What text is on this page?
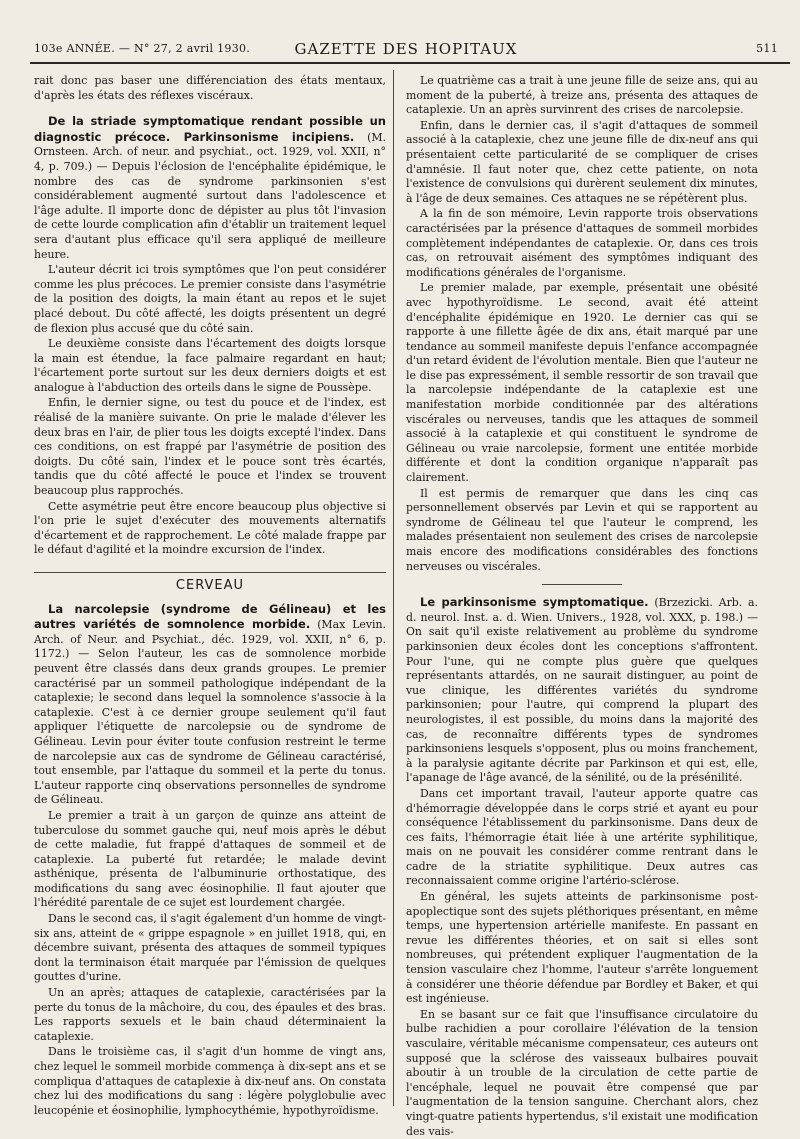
103e ANNÉE. — N° 27, 2 avril 1930.	GAZETTE DES HOPITAUX	511

rait donc pas baser une différenciation des états mentaux, d'après les états des réflexes viscéraux.

De la striade symptomatique rendant possible un diagnostic précoce. Parkinsonisme incipiens. (M. Ornsteen. Arch. of neur. and psychiat., oct. 1929, vol. XXII, n° 4, p. 709.) — Depuis l'éclosion de l'encéphalite épidémique, le nombre des cas de syndrome parkinsonien s'est considérablement augmenté surtout dans l'adolescence et l'âge adulte. Il importe donc de dépister au plus tôt l'invasion de cette lourde complication afin d'établir un traitement lequel sera d'autant plus efficace qu'il sera appliqué de meilleure heure.

L'auteur décrit ici trois symptômes que l'on peut considérer comme les plus précoces. Le premier consiste dans l'asymétrie de la position des doigts, la main étant au repos et le sujet placé debout. Du côté affecté, les doigts présentent un degré de flexion plus accusé que du côté sain.

Le deuxième consiste dans l'écartement des doigts lorsque la main est étendue, la face palmaire regardant en haut; l'écartement porte surtout sur les deux derniers doigts et est analogue à l'abduction des orteils dans le signe de Poussèpe.

Enfin, le dernier signe, ou test du pouce et de l'index, est réalisé de la manière suivante. On prie le malade d'élever les deux bras en l'air, de plier tous les doigts excepté l'index. Dans ces conditions, on est frappé par l'asymétrie de position des doigts. Du côté sain, l'index et le pouce sont très écartés, tandis que du côté affecté le pouce et l'index se trouvent beaucoup plus rapprochés.

Cette asymétrie peut être encore beaucoup plus objective si l'on prie le sujet d'exécuter des mouvements alternatifs d'écartement et de rapprochement. Le côté malade frappe par le défaut d'agilité et la moindre excursion de l'index.

CERVEAU

La narcolepsie (syndrome de Gélineau) et les autres variétés de somnolence morbide. (Max Levin. Arch. of Neur. and Psychiat., déc. 1929, vol. XXII, n° 6, p. 1172.) — Selon l'auteur, les cas de somnolence morbide peuvent être classés dans deux grands groupes. Le premier caractérisé par un sommeil pathologique indépendant de la cataplexie; le second dans lequel la somnolence s'associe à la cataplexie. C'est à ce dernier groupe seulement qu'il faut appliquer l'étiquette de narcolepsie ou de syndrome de Gélineau. Levin pour éviter toute confusion restreint le terme de narcolepsie aux cas de syndrome de Gélineau caractérisé, tout ensemble, par l'attaque du sommeil et la perte du tonus. L'auteur rapporte cinq observations personnelles de syndrome de Gélineau.

Le premier a trait à un garçon de quinze ans atteint de tuberculose du sommet gauche qui, neuf mois après le début de cette maladie, fut frappé d'attaques de sommeil et de cataplexie. La puberté fut retardée; le malade devint asthénique, présenta de l'albuminurie orthostatique, des modifications du sang avec éosinophilie. Il faut ajouter que l'hérédité parentale de ce sujet est lourdement chargée.

Dans le second cas, il s'agit également d'un homme de vingt-six ans, atteint de « grippe espagnole » en juillet 1918, qui, en décembre suivant, présenta des attaques de sommeil typiques dont la terminaison était marquée par l'émission de quelques gouttes d'urine.

Un an après; attaques de cataplexie, caractérisées par la perte du tonus de la mâchoire, du cou, des épaules et des bras. Les rapports sexuels et le bain chaud déterminaient la cataplexie.

Dans le troisième cas, il s'agit d'un homme de vingt ans, chez lequel le sommeil morbide commença à dix-sept ans et se compliqua d'attaques de cataplexie à dix-neuf ans. On constata chez lui des modifications du sang : légère polyglobulie avec leucopénie et éosinophilie, lymphocythémie, hypothyroïdisme.

Le quatrième cas a trait à une jeune fille de seize ans, qui au moment de la puberté, à treize ans, présenta des attaques de cataplexie. Un an après survinrent des crises de narcolepsie.

Enfin, dans le dernier cas, il s'agit d'attaques de sommeil associé à la cataplexie, chez une jeune fille de dix-neuf ans qui présentaient cette particularité de se compliquer de crises d'amnésie. Il faut noter que, chez cette patiente, on nota l'existence de convulsions qui durèrent seulement dix minutes, à l'âge de deux semaines. Ces attaques ne se répétèrent plus.

A la fin de son mémoire, Levin rapporte trois observations caractérisées par la présence d'attaques de sommeil morbides complètement indépendantes de cataplexie. Or, dans ces trois cas, on retrouvait aisément des symptômes indiquant des modifications générales de l'organisme.

Le premier malade, par exemple, présentait une obésité avec hypothyroïdisme. Le second, avait été atteint d'encéphalite épidémique en 1920. Le dernier cas qui se rapporte à une fillette âgée de dix ans, était marqué par une tendance au sommeil manifeste depuis l'enfance accompagnée d'un retard évident de l'évolution mentale. Bien que l'auteur ne le dise pas expressément, il semble ressortir de son travail que la narcolepsie indépendante de la cataplexie est une manifestation morbide conditionnée par des altérations viscérales ou nerveuses, tandis que les attaques de sommeil associé à la cataplexie et qui constituent le syndrome de Gélineau ou vraie narcolepsie, forment une entitée morbide différente et dont la condition organique n'apparaît pas clairement.

Il est permis de remarquer que dans les cinq cas personnellement observés par Levin et qui se rapportent au syndrome de Gélineau tel que l'auteur le comprend, les malades présentaient non seulement des crises de narcolepsie mais encore des modifications considérables des fonctions nerveuses ou viscérales.

Le parkinsonisme symptomatique. (Brzezicki. Arb. a. d. neurol. Inst. a. d. Wien. Univers., 1928, vol. XXX, p. 198.) — On sait qu'il existe relativement au problème du syndrome parkinsonien deux écoles dont les conceptions s'affrontent. Pour l'une, qui ne compte plus guère que quelques représentants attardés, on ne saurait distinguer, au point de vue clinique, les différentes variétés du syndrome parkinsonien; pour l'autre, qui comprend la plupart des neurologistes, il est possible, du moins dans la majorité des cas, de reconnaître différents types de syndromes parkinsoniens lesquels s'opposent, plus ou moins franchement, à la paralysie agitante décrite par Parkinson et qui est, elle, l'apanage de l'âge avancé, de la sénilité, ou de la présénilité.

Dans cet important travail, l'auteur apporte quatre cas d'hémorragie développée dans le corps strié et ayant eu pour conséquence l'établissement du parkinsonisme. Dans deux de ces faits, l'hémorragie était liée à une artérite syphilitique, mais on ne pouvait les considérer comme rentrant dans le cadre de la striatite syphilitique. Deux autres cas reconnaissaient comme origine l'artério-sclérose.

En général, les sujets atteints de parkinsonisme post-apoplectique sont des sujets pléthoriques présentant, en même temps, une hypertension artérielle manifeste. En passant en revue les différentes théories, et on sait si elles sont nombreuses, qui prétendent expliquer l'augmentation de la tension vasculaire chez l'homme, l'auteur s'arrête longuement à considérer une théorie défendue par Bordley et Baker, et qui est ingénieuse.

En se basant sur ce fait que l'insuffisance circulatoire du bulbe rachidien a pour corollaire l'élévation de la tension vasculaire, véritable mécanisme compensateur, ces auteurs ont supposé que la sclérose des vaisseaux bulbaires pouvait aboutir à un trouble de la circulation de cette partie de l'encéphale, lequel ne pouvait être compensé que par l'augmentation de la tension sanguine. Cherchant alors, chez vingt-quatre patients hypertendus, s'il existait une modification des vais-
